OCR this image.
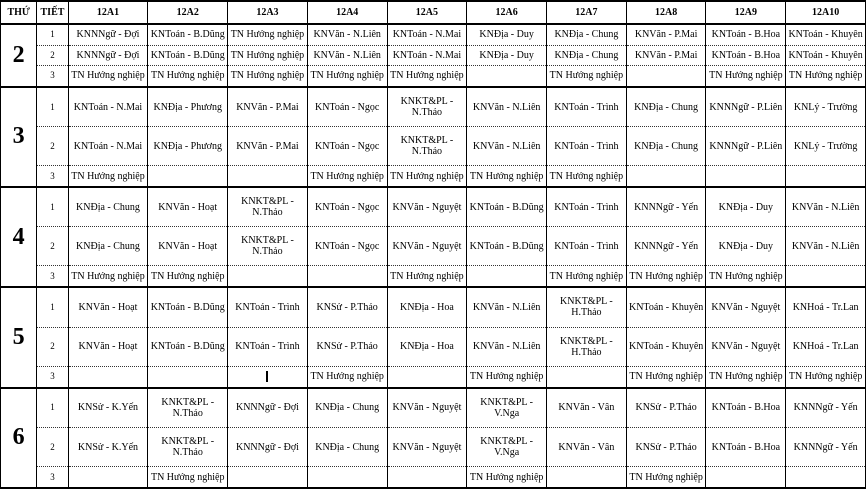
THỨ	TIẾT	12A1	12A2	12A3	12A4	12A5	12A6	12A7	12A8	12A9	12A10
2	1	KNNNgữ - Đợi	KNToán - B.Dũng	TN Hướng nghiệp	KNVăn - N.Liên	KNToán - N.Mai	KNĐịa - Duy	KNĐịa - Chung	KNVăn - P.Mai	KNToán - B.Hoa	KNToán - Khuyên
	2	KNNNgữ - Đợi	KNToán - B.Dũng	TN Hướng nghiệp	KNVăn - N.Liên	KNToán - N.Mai	KNĐịa - Duy	KNĐịa - Chung	KNVăn - P.Mai	KNToán - B.Hoa	KNToán - Khuyên
	3	TN Hướng nghiệp	TN Hướng nghiệp	TN Hướng nghiệp	TN Hướng nghiệp	TN Hướng nghiệp		TN Hướng nghiệp		TN Hướng nghiệp	TN Hướng nghiệp
3	1	KNToán - N.Mai	KNĐịa - Phương	KNVăn - P.Mai	KNToán - Ngọc	KNKT&PL - N.Thảo	KNVăn - N.Liên	KNToán - Trình	KNĐịa - Chung	KNNNgữ - P.Liên	KNLý - Trường
	2	KNToán - N.Mai	KNĐịa - Phương	KNVăn - P.Mai	KNToán - Ngọc	KNKT&PL - N.Thảo	KNVăn - N.Liên	KNToán - Trình	KNĐịa - Chung	KNNNgữ - P.Liên	KNLý - Trường
	3	TN Hướng nghiệp			TN Hướng nghiệp	TN Hướng nghiệp	TN Hướng nghiệp	TN Hướng nghiệp			
4	1	KNĐịa - Chung	KNVăn - Hoạt	KNKT&PL - N.Thảo	KNToán - Ngọc	KNVăn - Nguyệt	KNToán - B.Dũng	KNToán - Trình	KNNNgữ - Yến	KNĐịa - Duy	KNVăn - N.Liên
	2	KNĐịa - Chung	KNVăn - Hoạt	KNKT&PL - N.Thảo	KNToán - Ngọc	KNVăn - Nguyệt	KNToán - B.Dũng	KNToán - Trình	KNNNgữ - Yến	KNĐịa - Duy	KNVăn - N.Liên
	3	TN Hướng nghiệp	TN Hướng nghiệp			TN Hướng nghiệp		TN Hướng nghiệp	TN Hướng nghiệp	TN Hướng nghiệp	
5	1	KNVăn - Hoạt	KNToán - B.Dũng	KNToán - Trình	KNSử - P.Thảo	KNĐịa - Hoa	KNVăn - N.Liên	KNKT&PL - H.Thảo	KNToán - Khuyên	KNVăn - Nguyệt	KNHoá - Tr.Lan
	2	KNVăn - Hoạt	KNToán - B.Dũng	KNToán - Trình	KNSử - P.Thảo	KNĐịa - Hoa	KNVăn - N.Liên	KNKT&PL - H.Thảo	KNToán - Khuyên	KNVăn - Nguyệt	KNHoá - Tr.Lan
	3				TN Hướng nghiệp		TN Hướng nghiệp		TN Hướng nghiệp	TN Hướng nghiệp	TN Hướng nghiệp
6	1	KNSử - K.Yến	KNKT&PL - N.Thảo	KNNNgữ - Đợi	KNĐịa - Chung	KNVăn - Nguyệt	KNKT&PL - V.Nga	KNVăn - Vân	KNSử - P.Thảo	KNToán - B.Hoa	KNNNgữ - Yến
	2	KNSử - K.Yến	KNKT&PL - N.Thảo	KNNNgữ - Đợi	KNĐịa - Chung	KNVăn - Nguyệt	KNKT&PL - V.Nga	KNVăn - Vân	KNSử - P.Thảo	KNToán - B.Hoa	KNNNgữ - Yến
	3		TN Hướng nghiệp				TN Hướng nghiệp		TN Hướng nghiệp		
